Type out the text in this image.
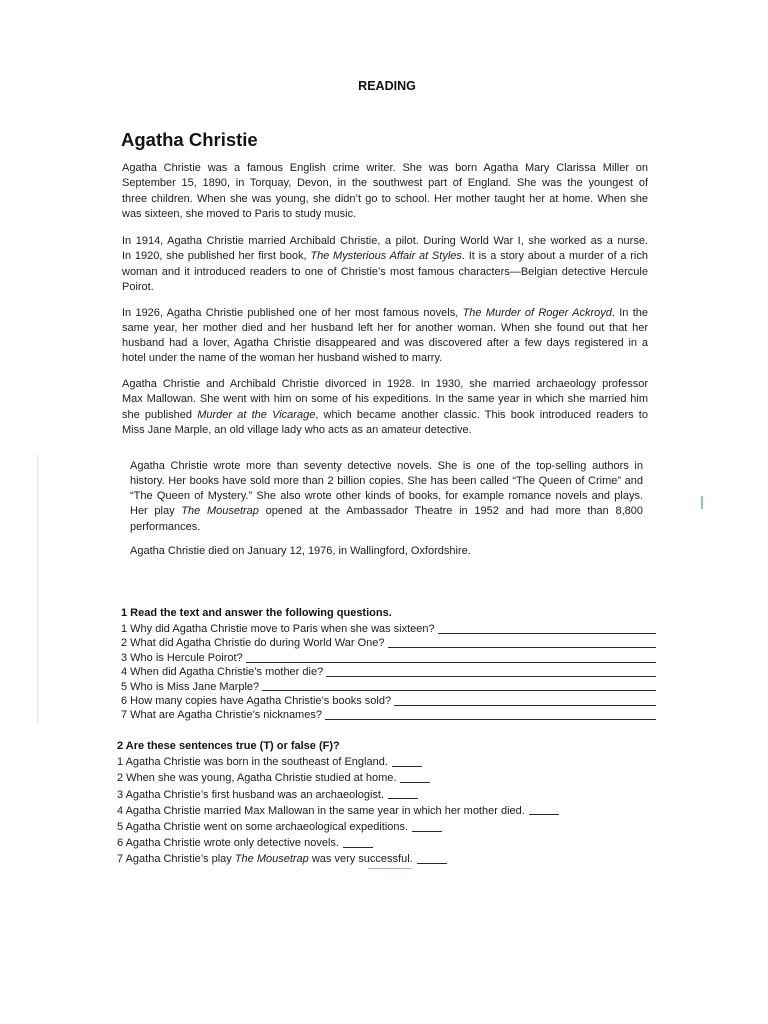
READING
Agatha Christie
Agatha Christie was a famous English crime writer. She was born Agatha Mary Clarissa Miller on
September 15, 1890, in Torquay, Devon, in the southwest part of England. She was the youngest of
three children. When she was young, she didn’t go to school. Her mother taught her at home. When she
was sixteen, she moved to Paris to study music.
In 1914, Agatha Christie married Archibald Christie, a pilot. During World War I, she worked as a nurse.
In 1920, she published her first book, The Mysterious Affair at Styles. It is a story about a murder of a rich
woman and it introduced readers to one of Christie’s most famous characters—Belgian detective Hercule
Poirot.
In 1926, Agatha Christie published one of her most famous novels, The Murder of Roger Ackroyd. In the
same year, her mother died and her husband left her for another woman. When she found out that her
husband had a lover, Agatha Christie disappeared and was discovered after a few days registered in a
hotel under the name of the woman her husband wished to marry.
Agatha Christie and Archibald Christie divorced in 1928. In 1930, she married archaeology professor
Max Mallowan. She went with him on some of his expeditions. In the same year in which she married him
she published Murder at the Vicarage, which became another classic. This book introduced readers to
Miss Jane Marple, an old village lady who acts as an amateur detective.
Agatha Christie wrote more than seventy detective novels. She is one of the top-selling authors in
history. Her books have sold more than 2 billion copies. She has been called “The Queen of Crime” and
“The Queen of Mystery.” She also wrote other kinds of books, for example romance novels and plays.
Her play The Mousetrap opened at the Ambassador Theatre in 1952 and had more than 8,800
performances.
Agatha Christie died on January 12, 1976, in Wallingford, Oxfordshire.
1 Read the text and answer the following questions.
1 Why did Agatha Christie move to Paris when she was sixteen?
2 What did Agatha Christie do during World War One?
3 Who is Hercule Poirot?
4 When did Agatha Christie’s mother die?
5 Who is Miss Jane Marple?
6 How many copies have Agatha Christie’s books sold?
7 What are Agatha Christie’s nicknames?
2 Are these sentences true (T) or false (F)?
1 Agatha Christie was born in the southeast of England.
2 When she was young, Agatha Christie studied at home.
3 Agatha Christie’s first husband was an archaeologist.
4 Agatha Christie married Max Mallowan in the same year in which her mother died.
5 Agatha Christie went on some archaeological expeditions.
6 Agatha Christie wrote only detective novels.
7 Agatha Christie’s play The Mousetrap was very successful.
